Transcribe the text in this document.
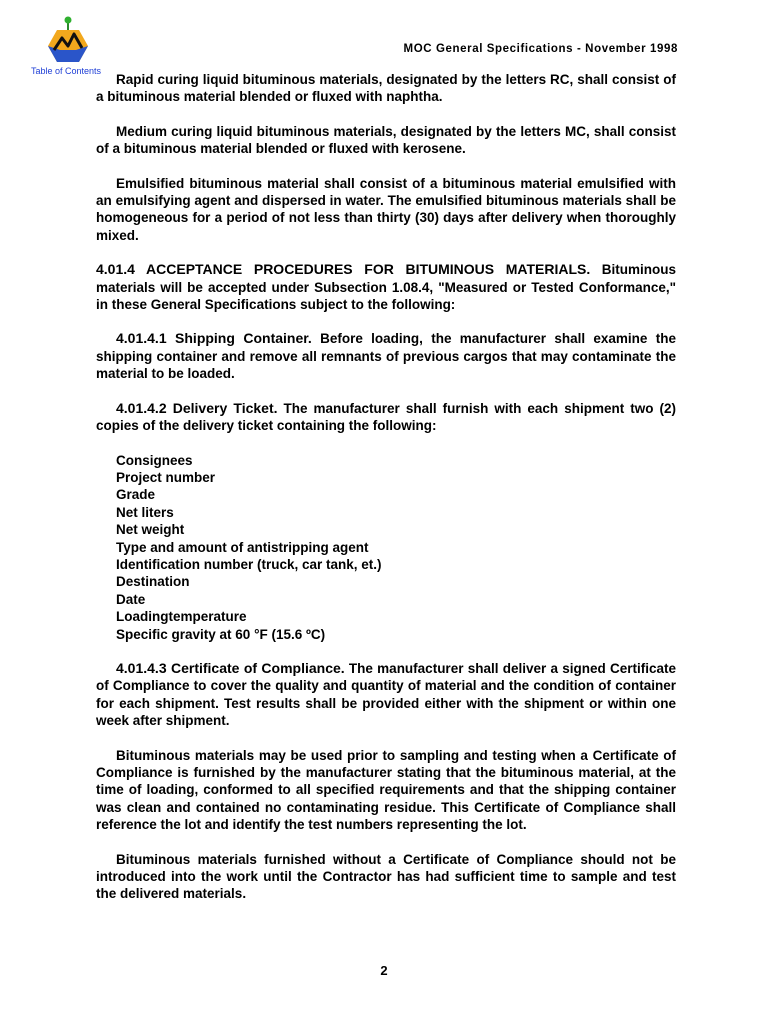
Table of Contents
MOC General Specifications - November 1998

Rapid curing liquid bituminous materials, designated by the letters RC, shall consist of a bituminous material blended or fluxed with naphtha.

Medium curing liquid bituminous materials, designated by the letters MC, shall consist of a bituminous material blended or fluxed with kerosene.

Emulsified bituminous material shall consist of a bituminous material emulsified with an emulsifying agent and dispersed in water. The emulsified bituminous materials shall be homogeneous for a period of not less than thirty (30) days after delivery when thoroughly mixed.

4.01.4 ACCEPTANCE PROCEDURES FOR BITUMINOUS MATERIALS. Bituminous materials will be accepted under Subsection 1.08.4, "Measured or Tested Conformance," in these General Specifications subject to the following:

4.01.4.1 Shipping Container. Before loading, the manufacturer shall examine the shipping container and remove all remnants of previous cargos that may contaminate the material to be loaded.

4.01.4.2 Delivery Ticket. The manufacturer shall furnish with each shipment two (2) copies of the delivery ticket containing the following:

Consignees
Project number
Grade
Net liters
Net weight
Type and amount of antistripping agent
Identification number (truck, car tank, et.)
Destination
Date
Loadingtemperature
Specific gravity at 60 °F (15.6 ºC)

4.01.4.3 Certificate of Compliance. The manufacturer shall deliver a signed Certificate of Compliance to cover the quality and quantity of material and the condition of container for each shipment. Test results shall be provided either with the shipment or within one week after shipment.

Bituminous materials may be used prior to sampling and testing when a Certificate of Compliance is furnished by the manufacturer stating that the bituminous material, at the time of loading, conformed to all specified requirements and that the shipping container was clean and contained no contaminating residue. This Certificate of Compliance shall reference the lot and identify the test numbers representing the lot.

Bituminous materials furnished without a Certificate of Compliance should not be introduced into the work until the Contractor has had sufficient time to sample and test the delivered materials.

2
